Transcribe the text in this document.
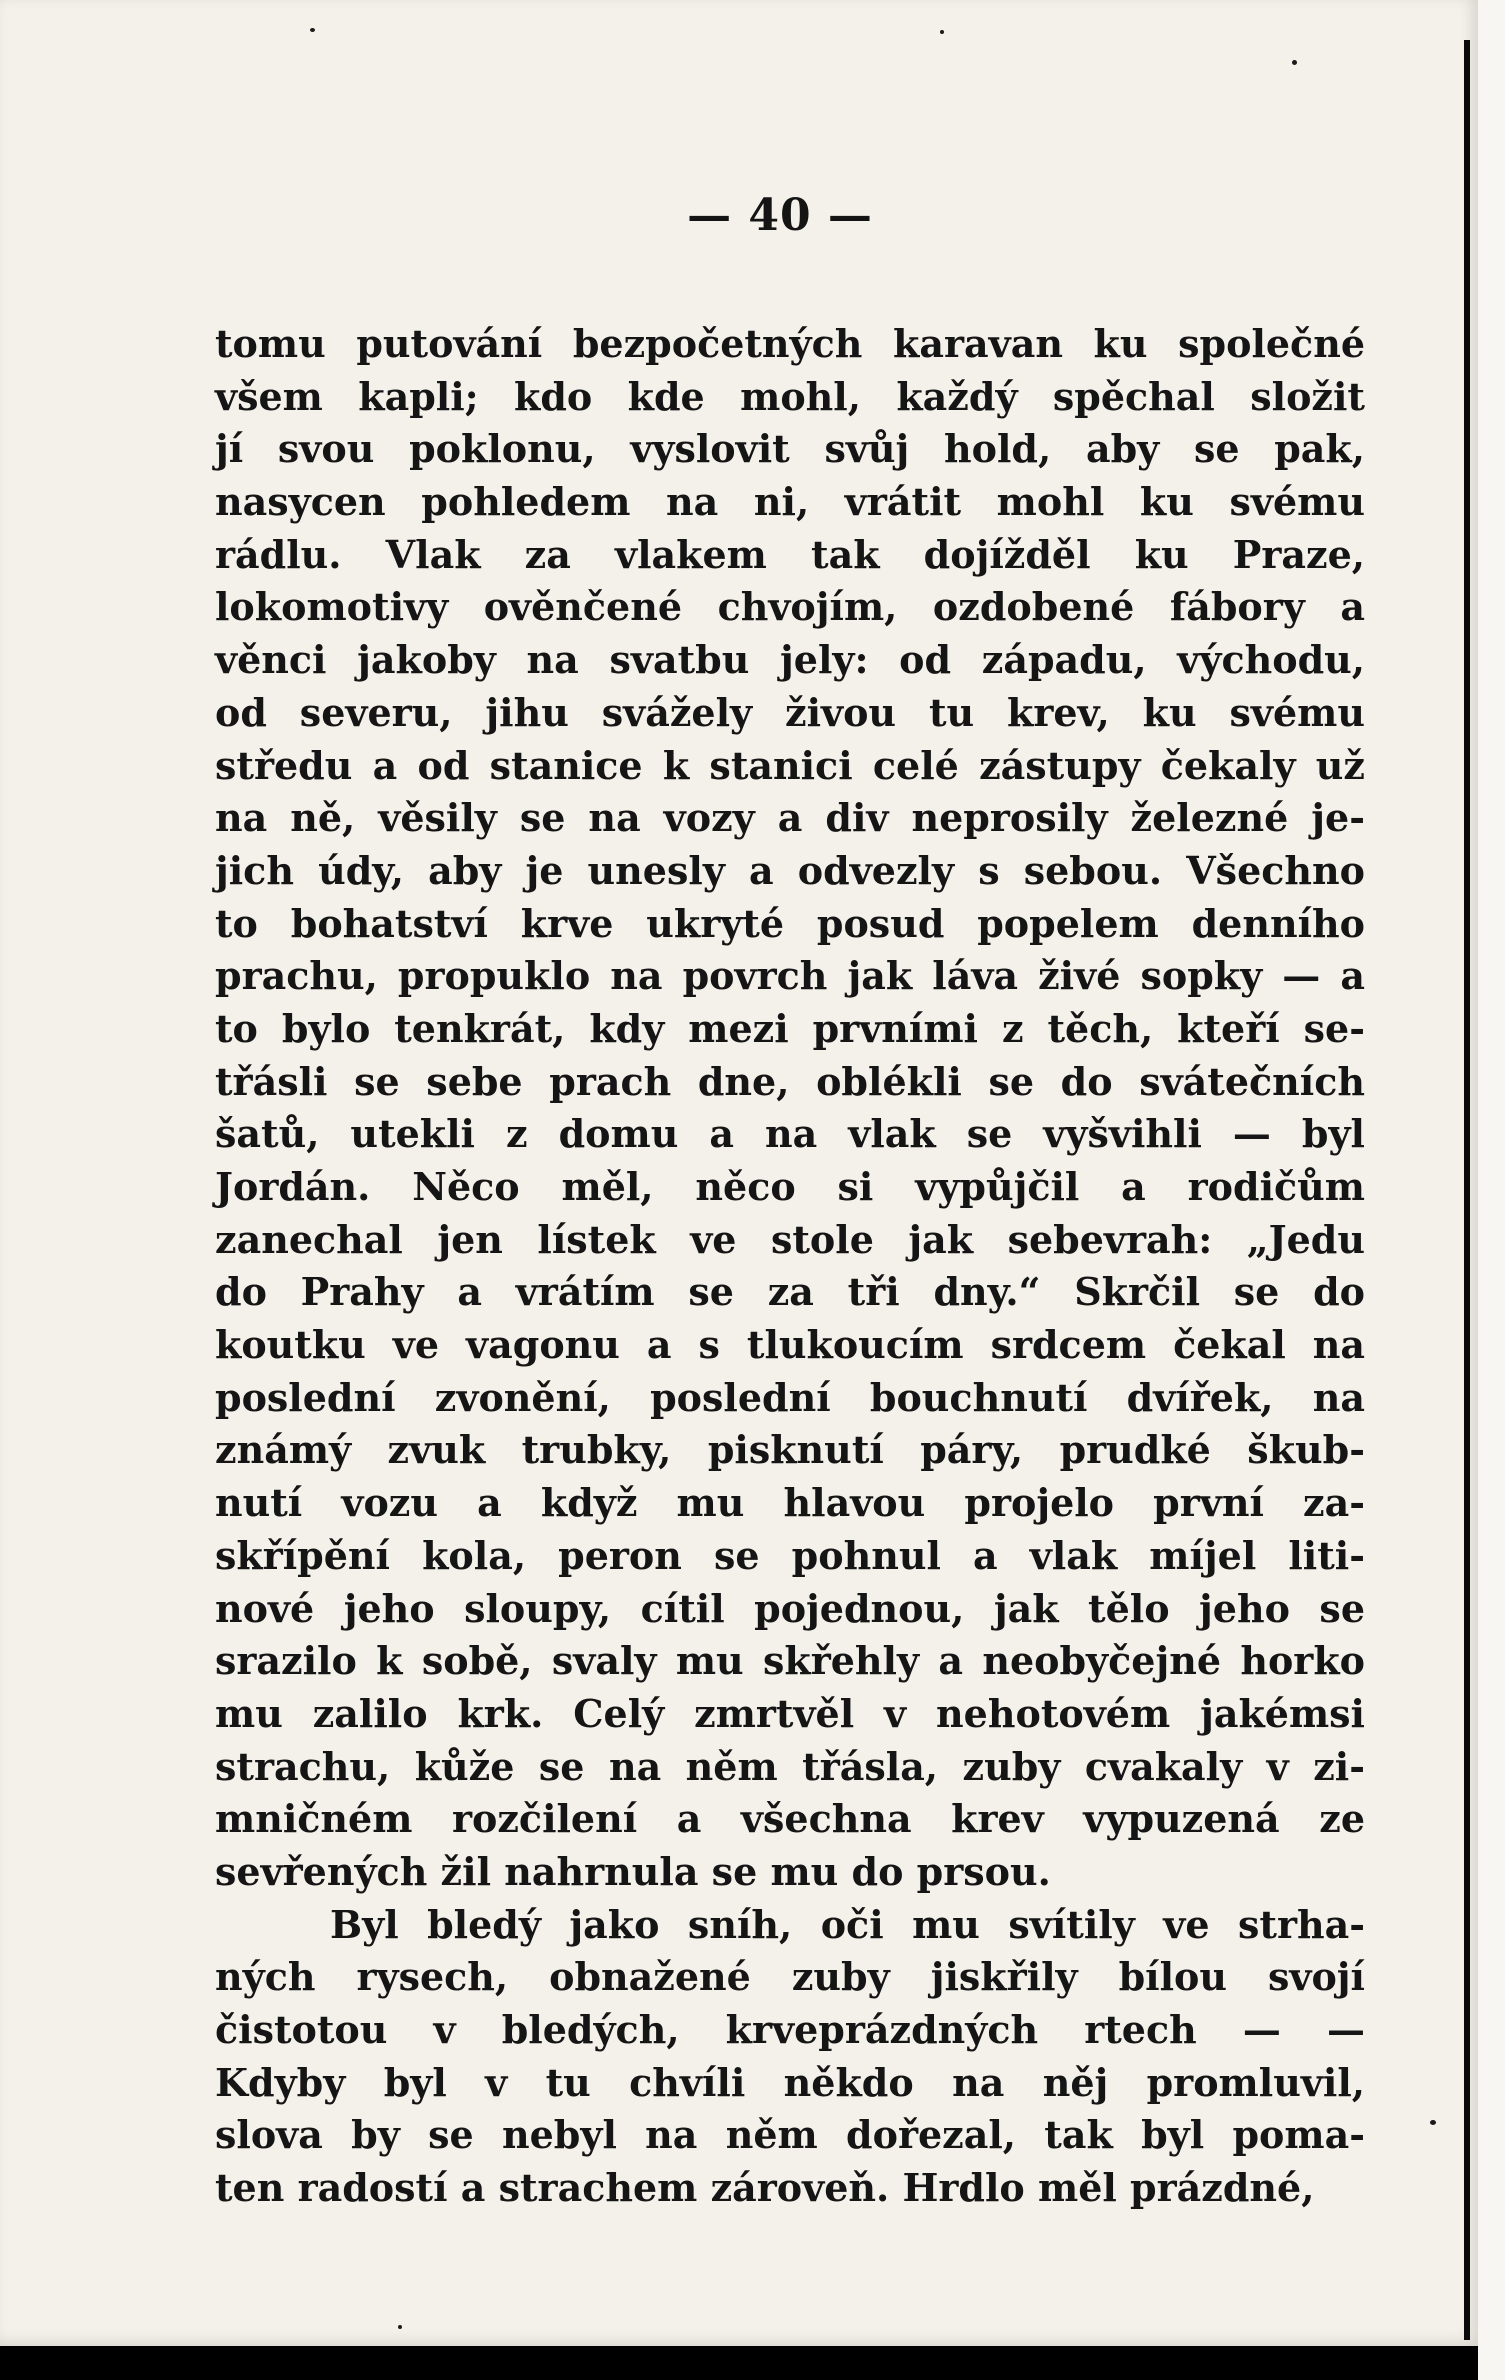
— 40 —
tomu putování bezpočetných karavan ku společné
všem kapli; kdo kde mohl, každý spěchal složit
jí svou poklonu, vyslovit svůj hold, aby se pak,
nasycen pohledem na ni, vrátit mohl ku svému
rádlu. Vlak za vlakem tak dojížděl ku Praze,
lokomotivy ověnčené chvojím, ozdobené fábory a
věnci jakoby na svatbu jely: od západu, východu,
od severu, jihu svážely živou tu krev, ku svému
středu a od stanice k stanici celé zástupy čekaly už
na ně, věsily se na vozy a div neprosily železné je-
jich údy, aby je unesly a odvezly s sebou. Všechno
to bohatství krve ukryté posud popelem denního
prachu, propuklo na povrch jak láva živé sopky — a
to bylo tenkrát, kdy mezi prvními z těch, kteří se-
třásli se sebe prach dne, oblékli se do svátečních
šatů, utekli z domu a na vlak se vyšvihli — byl
Jordán. Něco měl, něco si vypůjčil a rodičům
zanechal jen lístek ve stole jak sebevrah: „Jedu
do Prahy a vrátím se za tři dny.“ Skrčil se do
koutku ve vagonu a s tlukoucím srdcem čekal na
poslední zvonění, poslední bouchnutí dvířek, na
známý zvuk trubky, pisknutí páry, prudké škub-
nutí vozu a když mu hlavou projelo první za-
skřípění kola, peron se pohnul a vlak míjel liti-
nové jeho sloupy, cítil pojednou, jak tělo jeho se
srazilo k sobě, svaly mu skřehly a neobyčejné horko
mu zalilo krk. Celý zmrtvěl v nehotovém jakémsi
strachu, kůže se na něm třásla, zuby cvakaly v zi-
mničném rozčilení a všechna krev vypuzená ze
sevřených žil nahrnula se mu do prsou.
Byl bledý jako sníh, oči mu svítily ve strha-
ných rysech, obnažené zuby jiskřily bílou svojí
čistotou v bledých, krveprázdných rtech — —
Kdyby byl v tu chvíli někdo na něj promluvil,
slova by se nebyl na něm dořezal, tak byl poma-
ten radostí a strachem zároveň. Hrdlo měl prázdné,
